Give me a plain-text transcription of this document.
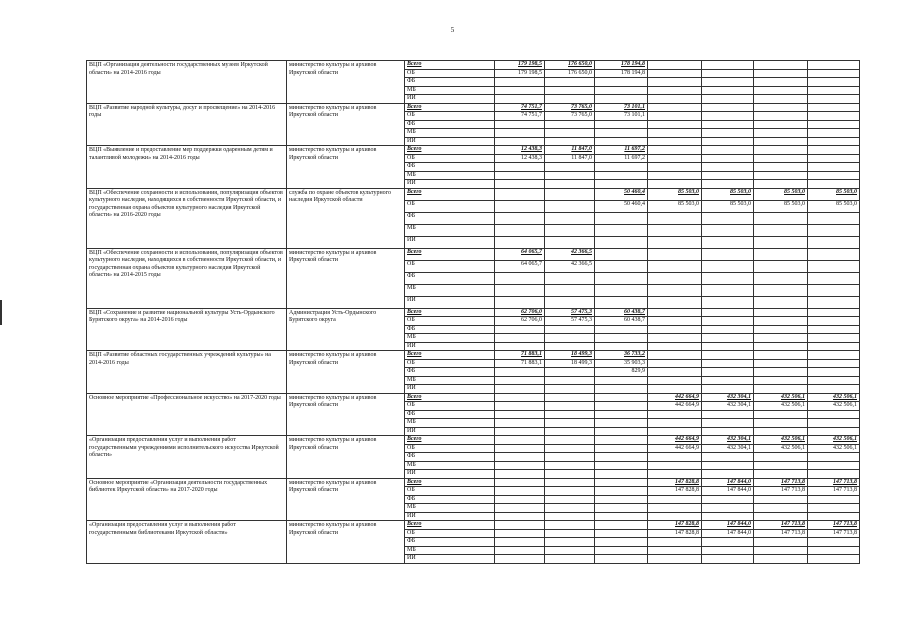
5
ВЦП «Организация деятельности государственных музеев Иркутской области» на 2014-2016 годы	министерство культуры и архивов Иркутской области	Всего	179 198,5	176 650,0	178 194,8				
		ОБ	179 198,5	176 650,0	178 194,8				
		ФБ							
		МБ							
		ИИ							
ВЦП «Развитие народной культуры, досуг и просвещение» на 2014-2016 годы	министерство культуры и архивов Иркутской области	Всего	74 751,7	73 765,0	73 101,1				
		ОБ	74 751,7	73 765,0	73 101,1				
		ФБ							
		МБ							
		ИИ							
ВЦП «Выявление и предоставление мер поддержки одаренным детям и талантливой молодежи» на 2014-2016 годы	министерство культуры и архивов Иркутской области	Всего	12 438,3	11 847,0	11 697,2				
		ОБ	12 438,3	11 847,0	11 697,2				
		ФБ							
		МБ							
		ИИ							
ВЦП «Обеспечение сохранности и использования, популяризация объектов культурного наследия, находящихся в собственности Иркутской области, и государственная охрана объектов культурного наследия Иркутской области» на 2016-2020 годы	служба по охране объектов культурного наследия Иркутской области	Всего			50 460,4	85 503,0	85 503,0	85 503,0	85 503,0
		ОБ			50 460,4	85 503,0	85 503,0	85 503,0	85 503,0
		ФБ							
		МБ							
		ИИ							
ВЦП «Обеспечение сохранности и использования, популяризация объектов культурного наследия, находящихся в собственности Иркутской области, и государственная охрана объектов культурного наследия Иркутской области» на 2014-2015 годы	министерство культуры и архивов Иркутской области	Всего	64 065,7	42 366,5					
		ОБ	64 065,7	42 366,5					
		ФБ							
		МБ							
		ИИ							
ВЦП «Сохранение и развитие национальной культуры Усть-Ордынского Бурятского округа» на 2014-2016 годы	Администрация Усть-Ордынского Бурятского округа	Всего	62 706,0	57 475,3	60 438,7				
		ОБ	62 706,0	57 475,3	60 438,7				
		ФБ							
		МБ							
		ИИ							
ВЦП «Развитие областных государственных учреждений культуры» на 2014-2016 годы	министерство культуры и архивов Иркутской области	Всего	71 883,1	18 499,3	36 733,2				
		ОБ	71 883,1	18 499,3	35 903,3				
		ФБ			829,9				
		МБ							
		ИИ							
Основное мероприятие «Профессиональное искусство» на 2017-2020 годы	министерство культуры и архивов Иркутской области	Всего				442 664,9	432 304,1	432 506,1	432 506,1
		ОБ				442 664,9	432 304,1	432 506,1	432 506,1
		ФБ							
		МБ							
		ИИ							
«Организация предоставления услуг и выполнения работ государственными учреждениями исполнительского искусства Иркутской области»	министерство культуры и архивов Иркутской области	Всего				442 664,9	432 304,1	432 506,1	432 506,1
		ОБ				442 664,9	432 304,1	432 506,1	432 506,1
		ФБ							
		МБ							
		ИИ							
Основное мероприятие «Организация деятельности государственных библиотек Иркутской области» на 2017-2020 годы	министерство культуры и архивов Иркутской области	Всего				147 828,8	147 844,0	147 713,8	147 713,8
		ОБ				147 828,8	147 844,0	147 713,8	147 713,8
		ФБ							
		МБ							
		ИИ							
«Организация предоставления услуг и выполнения работ государственными библиотеками Иркутской области»	министерство культуры и архивов Иркутской области	Всего				147 828,8	147 844,0	147 713,8	147 713,8
		ОБ				147 828,8	147 844,0	147 713,8	147 713,8
		ФБ							
		МБ							
		ИИ							
